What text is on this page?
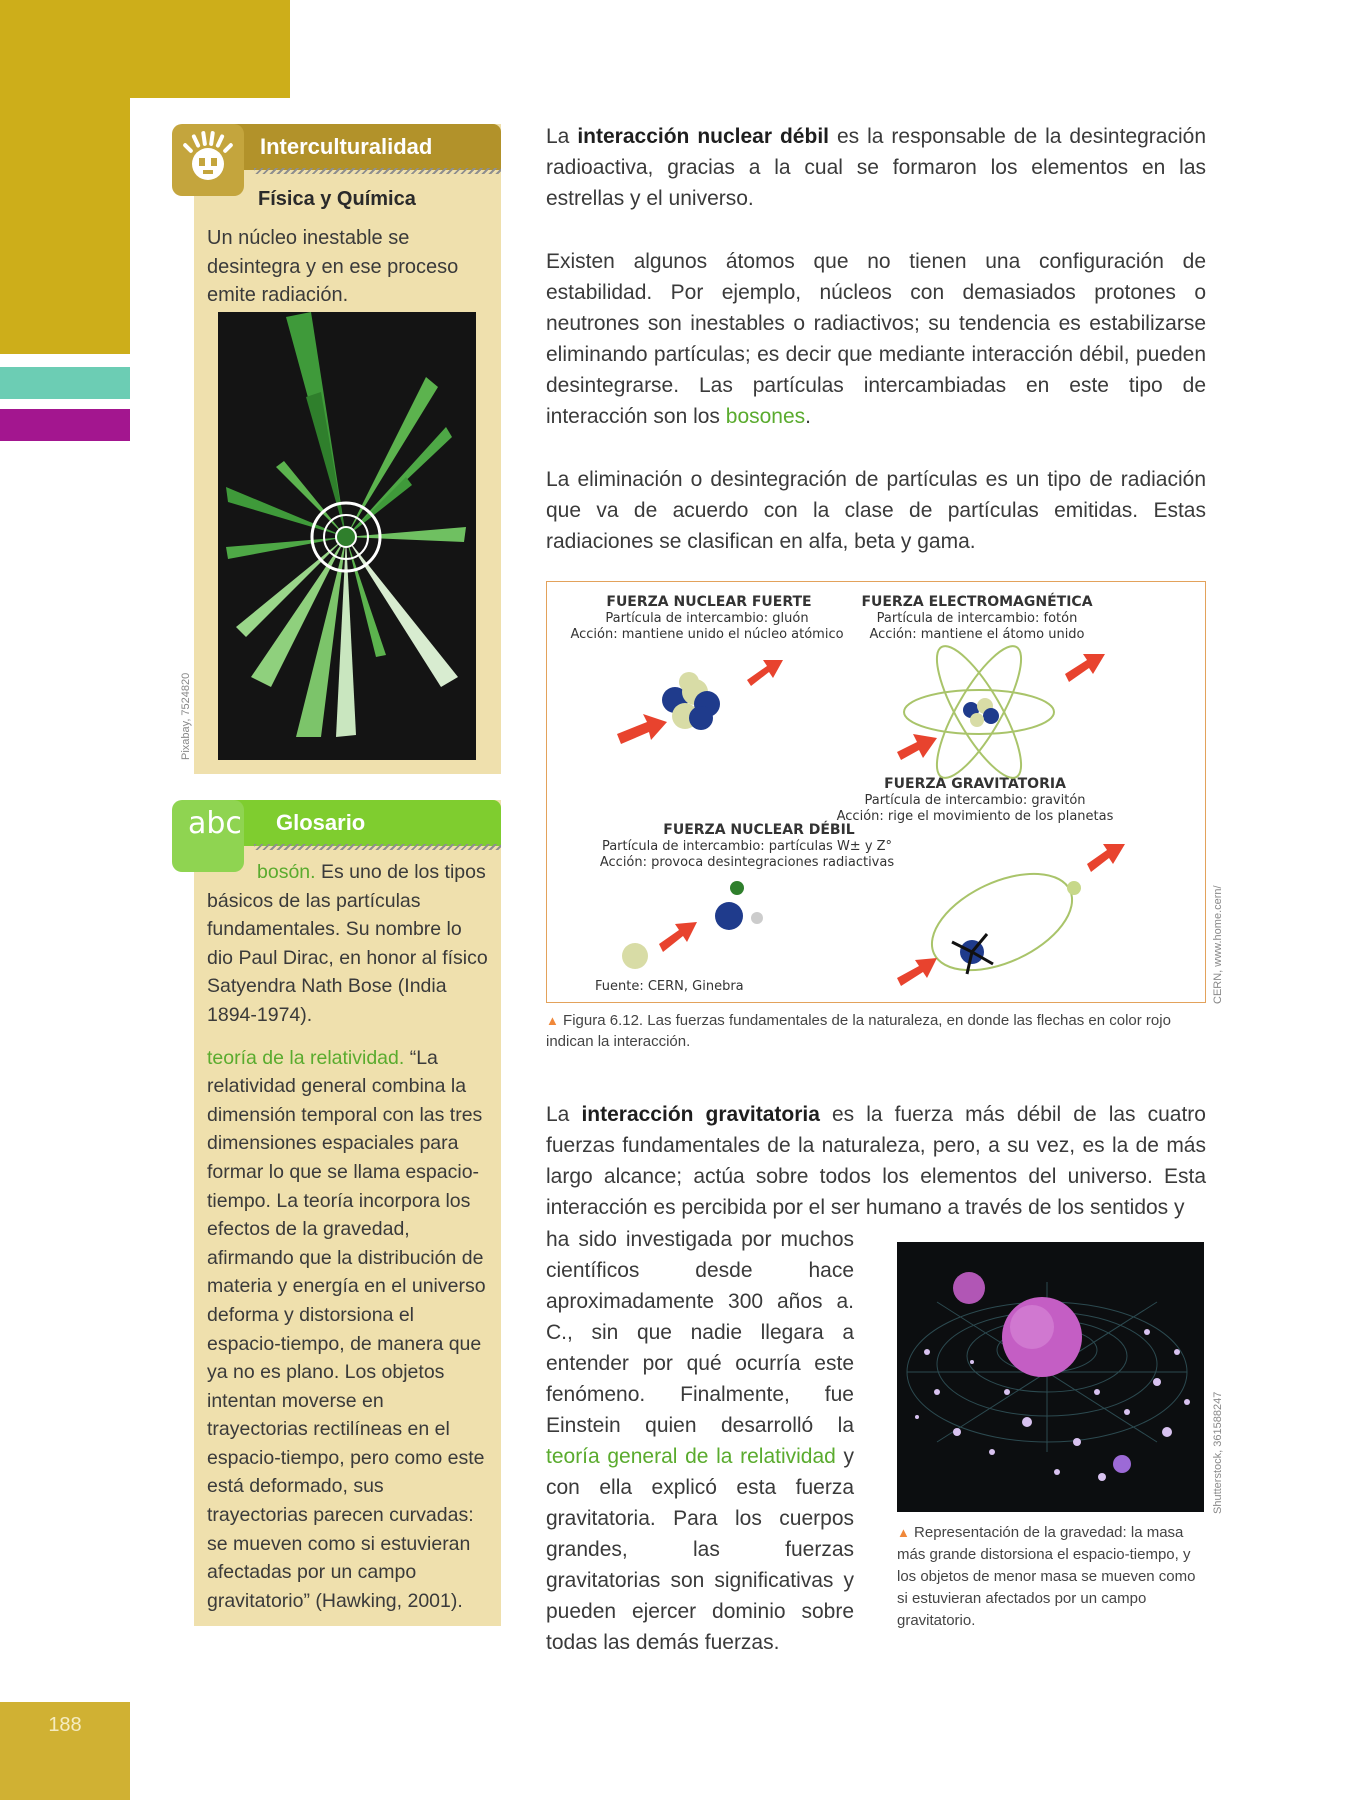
188
Interculturalidad
Física y Química
Un núcleo inestable se desintegra y en ese proceso emite radiación.
Pixabay, 7524820
Glosario
abc

bosón. Es uno de los tipos básicos de las partículas fundamentales. Su nombre lo dio Paul Dirac, en honor al físico Satyendra Nath Bose (India 1894-1974).

teoría de la relatividad. “La relatividad general combina la dimensión temporal con las tres dimensiones espaciales para formar lo que se llama espacio-tiempo. La teoría incorpora los efectos de la gravedad, afirmando que la distribución de materia y energía en el universo deforma y distorsiona el espacio-tiempo, de manera que ya no es plano. Los objetos intentan moverse en trayectorias rectilíneas en el espacio-tiempo, pero como este está deformado, sus trayectorias parecen curvadas: se mueven como si estuvieran afectadas por un campo gravitatorio” (Hawking, 2001).

La interacción nuclear débil es la responsable de la desintegración radioactiva, gracias a la cual se formaron los elementos en las estrellas y el universo.
Existen algunos átomos que no tienen una configuración de estabilidad. Por ejemplo, núcleos con demasiados protones o neutrones son inestables o radiactivos; su tendencia es estabilizarse eliminando partículas; es decir que mediante interacción débil, pueden desintegrarse. Las partículas intercambiadas en este tipo de interacción son los bosones.
La eliminación o desintegración de partículas es un tipo de radiación que va de acuerdo con la clase de partículas emitidas. Estas radiaciones se clasifican en alfa, beta y gama.
FUERZA NUCLEAR FUERTE
Partícula de intercambio: gluón
Acción: mantiene unido el núcleo atómico
FUERZA ELECTROMAGNÉTICA
Partícula de intercambio: fotón
Acción: mantiene el átomo unido
FUERZA GRAVITATORIA
Partícula de intercambio: gravitón
Acción: rige el movimiento de los planetas
FUERZA NUCLEAR DÉBIL
Partícula de intercambio: partículas W± y Z°
Acción: provoca desintegraciones radiactivas
Fuente: CERN, Ginebra	CERN, www.home.cern/
▲ Figura 6.12. Las fuerzas fundamentales de la naturaleza, en donde las flechas en color rojo indican la interacción.
La interacción gravitatoria es la fuerza más débil de las cuatro fuerzas fundamentales de la naturaleza, pero, a su vez, es la de más largo alcance; actúa sobre todos los elementos del universo. Esta interacción es percibida por el ser humano a través de los sentidos y
ha sido investigada por muchos científicos desde hace aproximadamente 300 años a. C., sin que nadie llegara a entender por qué ocurría este fenómeno. Finalmente, fue Einstein quien desarrolló la teoría general de la relatividad y con ella explicó esta fuerza gravitatoria. Para los cuerpos grandes, las fuerzas gravitatorias son significativas y pueden ejercer dominio sobre todas las demás fuerzas.
Shutterstock, 361588247
▲ Representación de la gravedad: la masa más grande distorsiona el espacio-tiempo, y los objetos de menor masa se mueven como si estuvieran afectados por un campo gravitatorio.
